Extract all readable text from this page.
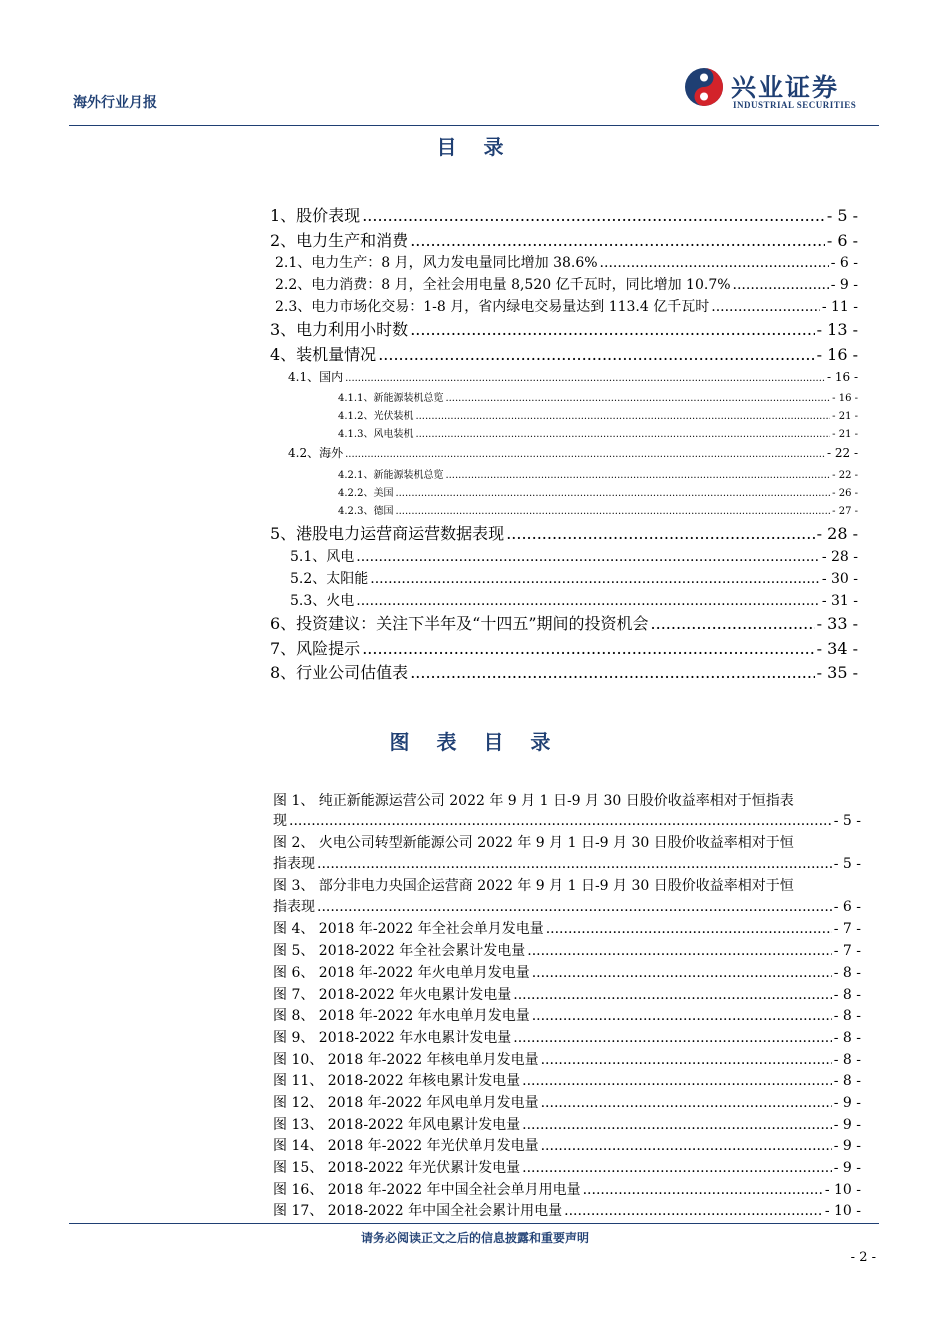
海外行业月报
兴业证券
INDUSTRIAL SECURITIES
目 录
1、股价表现 .....	- 5 -
2、电力生产和消费 .....	- 6 -
2.1、电力生产：8 月，风力发电量同比增加 38.6% .....	- 6 -
2.2、电力消费：8 月，全社会用电量 8,520 亿千瓦时，同比增加 10.7% .....	- 9 -
2.3、电力市场化交易：1-8 月，省内绿电交易量达到 113.4 亿千瓦时 .....	- 11 -
3、电力利用小时数 .....	- 13 -
4、装机量情况 .....	- 16 -
4.1、国内 .....	- 16 -
4.1.1、新能源装机总览 .....	- 16 -
4.1.2、光伏装机 .....	- 21 -
4.1.3、风电装机 .....	- 21 -
4.2、海外 .....	- 22 -
4.2.1、新能源装机总览 .....	- 22 -
4.2.2、美国 .....	- 26 -
4.2.3、德国 .....	- 27 -
5、港股电力运营商运营数据表现 .....	- 28 -
5.1、风电 .....	- 28 -
5.2、太阳能 .....	- 30 -
5.3、火电 .....	- 31 -
6、投资建议：关注下半年及“十四五”期间的投资机会 .....	- 33 -
7、风险提示 .....	- 34 -
8、行业公司估值表 .....	- 35 -
图 表 目 录
图 1、 纯正新能源运营公司 2022 年 9 月 1 日-9 月 30 日股价收益率相对于恒指表
现 .....	- 5 -
图 2、 火电公司转型新能源公司 2022 年 9 月 1 日-9 月 30 日股价收益率相对于恒
指表现 .....	- 5 -
图 3、 部分非电力央国企运营商 2022 年 9 月 1 日-9 月 30 日股价收益率相对于恒
指表现 .....	- 6 -
图 4、 2018 年-2022 年全社会单月发电量 .....	- 7 -
图 5、 2018-2022 年全社会累计发电量 .....	- 7 -
图 6、 2018 年-2022 年火电单月发电量 .....	- 8 -
图 7、 2018-2022 年火电累计发电量 .....	- 8 -
图 8、 2018 年-2022 年水电单月发电量 .....	- 8 -
图 9、 2018-2022 年水电累计发电量 .....	- 8 -
图 10、 2018 年-2022 年核电单月发电量 .....	- 8 -
图 11、 2018-2022 年核电累计发电量 .....	- 8 -
图 12、 2018 年-2022 年风电单月发电量 .....	- 9 -
图 13、 2018-2022 年风电累计发电量 .....	- 9 -
图 14、 2018 年-2022 年光伏单月发电量 .....	- 9 -
图 15、 2018-2022 年光伏累计发电量 .....	- 9 -
图 16、 2018 年-2022 年中国全社会单月用电量 .....	- 10 -
图 17、 2018-2022 年中国全社会累计用电量 .....	- 10 -
请务必阅读正文之后的信息披露和重要声明
- 2 -
